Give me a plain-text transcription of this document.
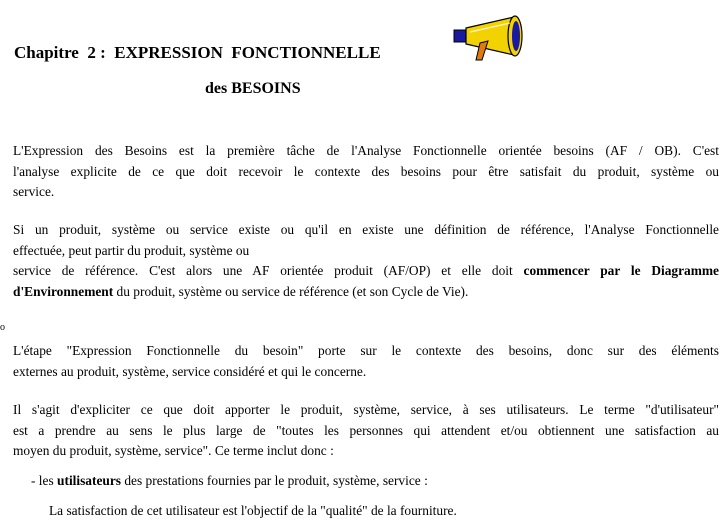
Chapitre  2 :  EXPRESSION  FONCTIONNELLE

des BESOINS

L'Expression des Besoins est la première tâche de l'Analyse Fonctionnelle orientée besoins (AF / OB). C'est
l'analyse explicite de ce que doit recevoir le contexte des besoins pour être satisfait du produit, système ou
service.
Si un produit, système ou service existe ou qu'il en existe une définition de référence, l'Analyse Fonctionnelle
effectuée, peut partir du produit, système ou
service de référence. C'est alors une AF orientée produit (AF/OP) et elle doit commencer par le Diagramme
d'Environnement du produit, système ou service de référence (et son Cycle de Vie).
o
L'étape "Expression Fonctionnelle du besoin" porte sur le contexte des besoins, donc sur des éléments
externes au produit, système, service considéré et qui le concerne.
Il s'agit d'expliciter ce que doit apporter le produit, système, service, à ses utilisateurs. Le terme "d'utilisateur"
est a prendre au sens le plus large de "toutes les personnes qui attendent et/ou obtiennent une satisfaction au
moyen du produit, système, service". Ce terme inclut donc :

- les utilisateurs des prestations fournies par le produit, système, service :

La satisfaction de cet utilisateur est l'objectif de la "qualité" de la fourniture.
